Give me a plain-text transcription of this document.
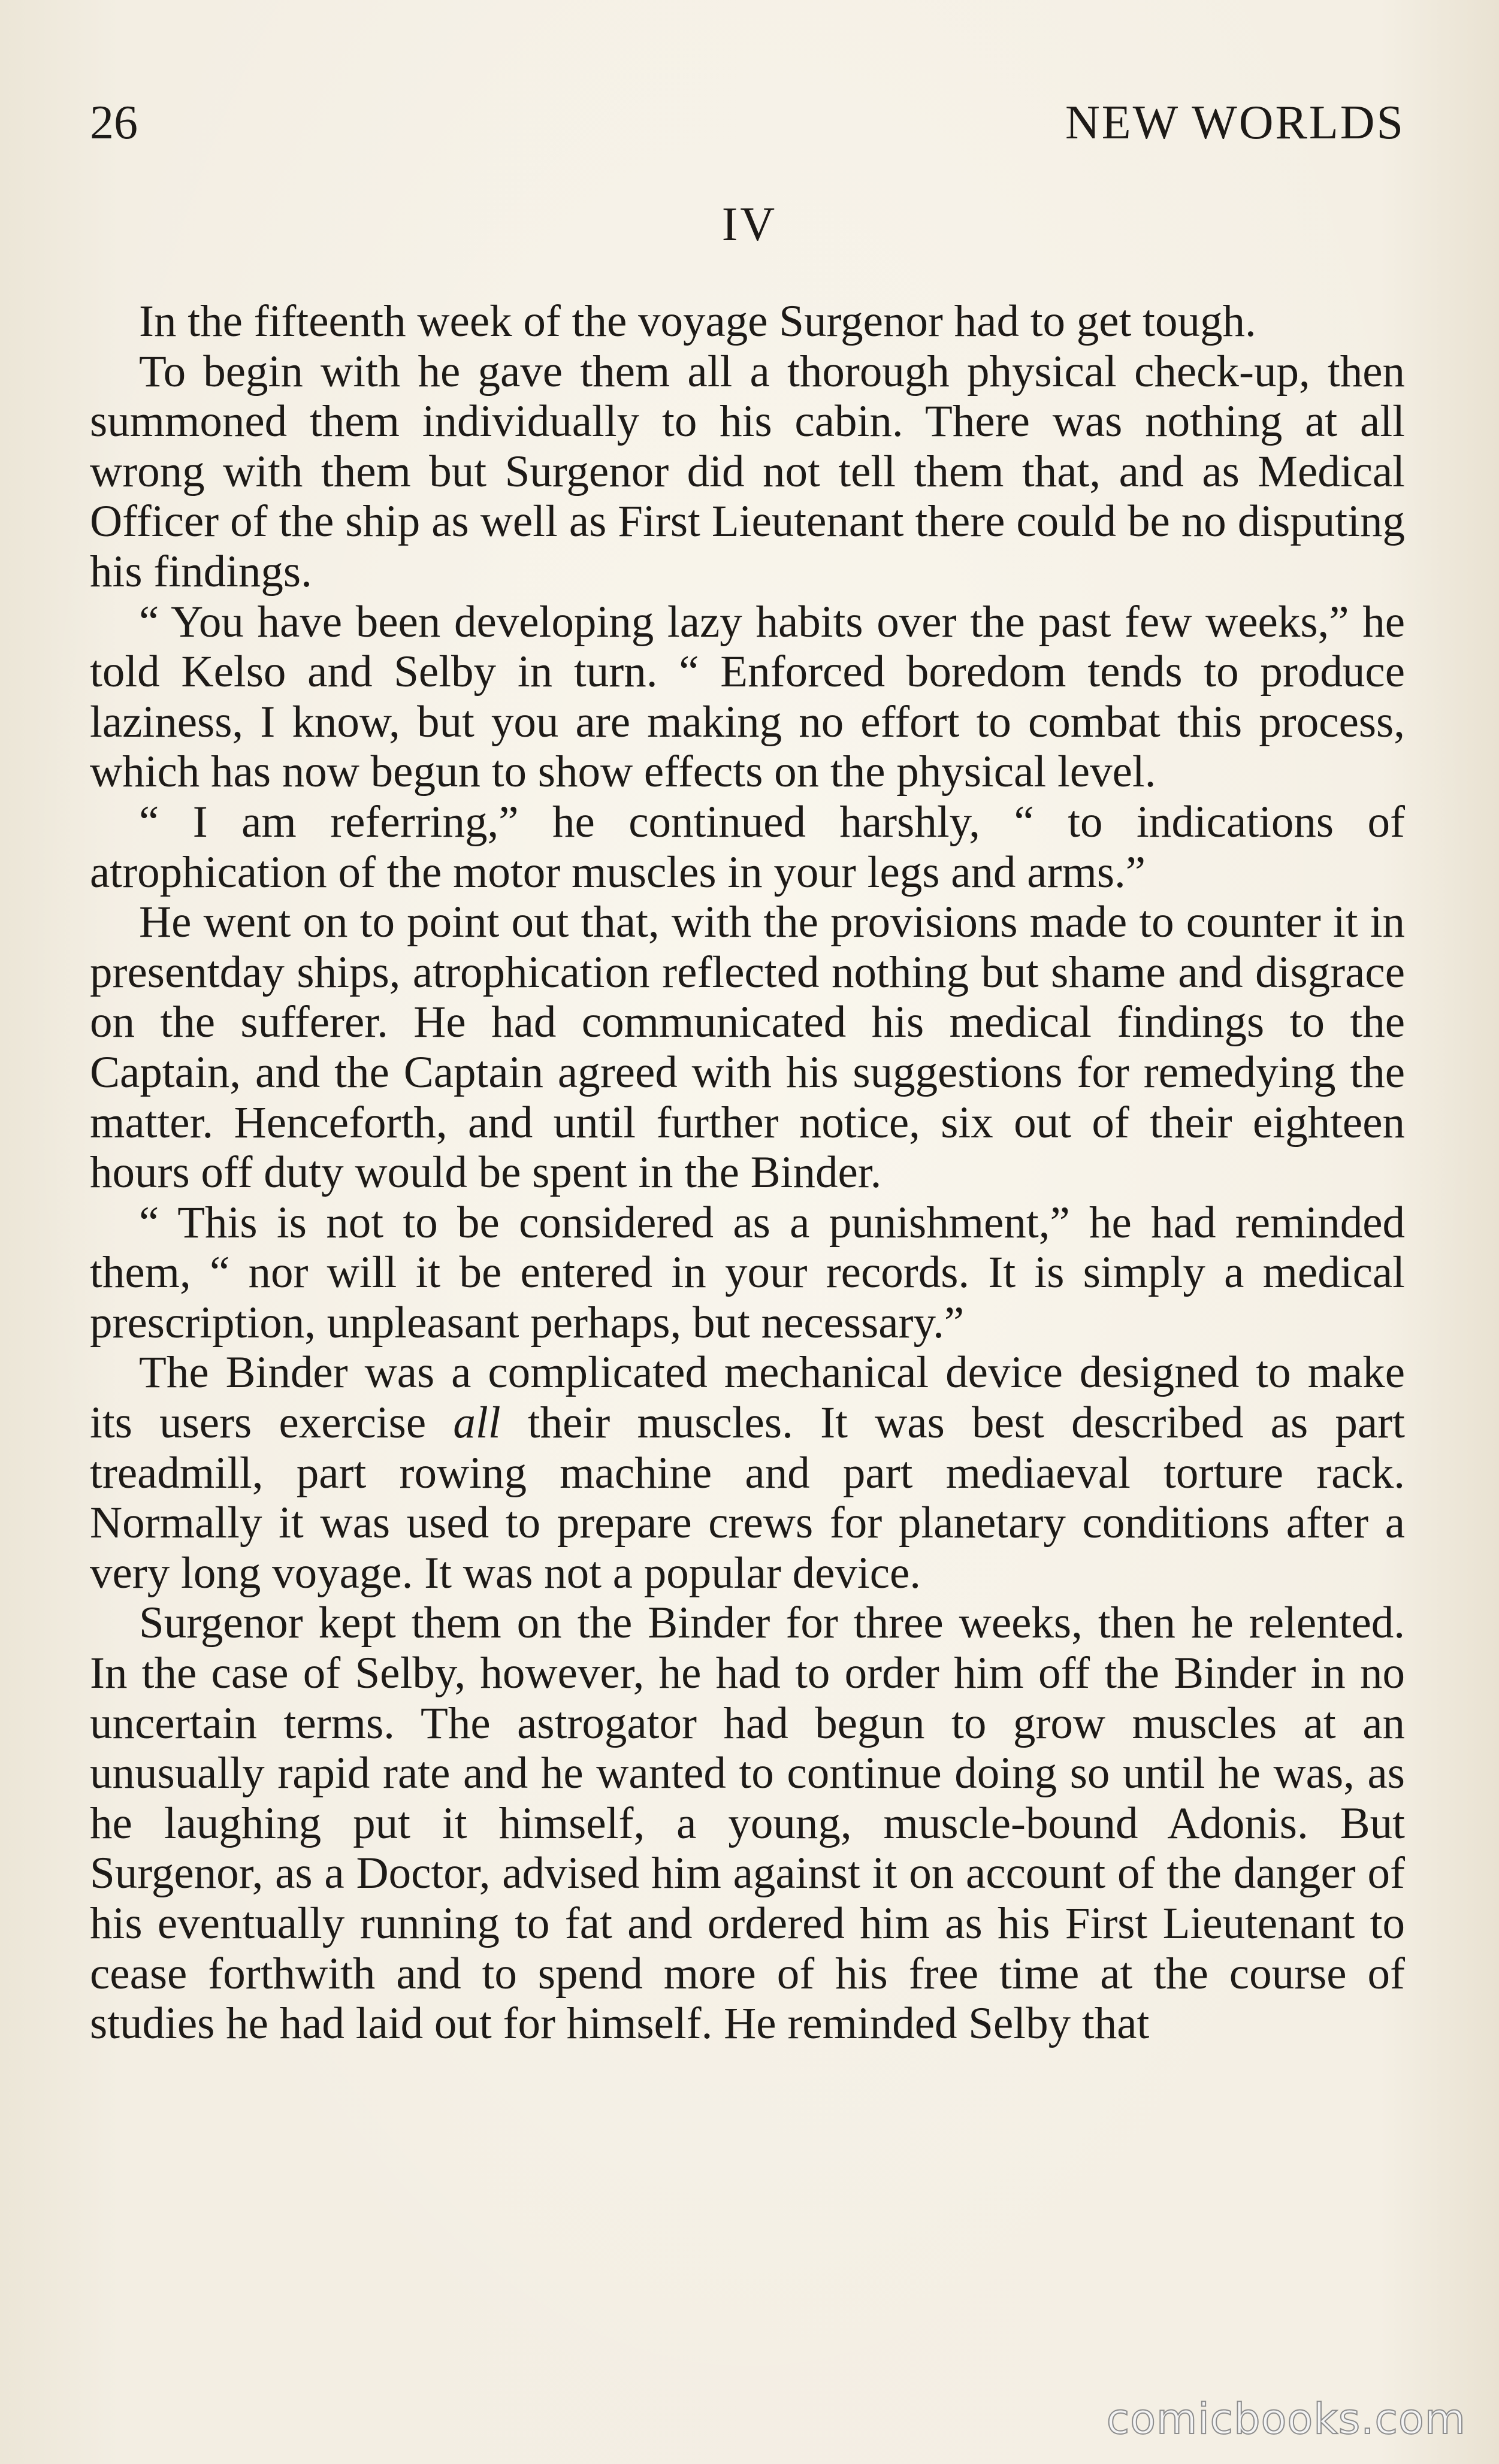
26	NEW WORLDS
IV

In the fifteenth week of the voyage Surgenor had to get tough.

To begin with he gave them all a thorough physical check-up, then summoned them individually to his cabin. There was nothing at all wrong with them but Surgenor did not tell them that, and as Medical Officer of the ship as well as First Lieutenant there could be no disputing his findings.

“ You have been developing lazy habits over the past few weeks,” he told Kelso and Selby in turn. “ Enforced boredom tends to produce laziness, I know, but you are making no effort to combat this process, which has now begun to show effects on the physical level.

“ I am referring,” he continued harshly, “ to indications of atrophication of the motor muscles in your legs and arms.”

He went on to point out that, with the provisions made to counter it in presentday ships, atrophication reflected nothing but shame and disgrace on the sufferer. He had communicated his medical findings to the Captain, and the Captain agreed with his suggestions for remedying the matter. Henceforth, and until further notice, six out of their eighteen hours off duty would be spent in the Binder.

“ This is not to be considered as a punishment,” he had reminded them, “ nor will it be entered in your records. It is simply a medical prescription, unpleasant perhaps, but necessary.”

The Binder was a complicated mechanical device designed to make its users exercise all their muscles. It was best described as part treadmill, part rowing machine and part mediaeval torture rack. Normally it was used to prepare crews for planetary conditions after a very long voyage. It was not a popular device.

Surgenor kept them on the Binder for three weeks, then he relented. In the case of Selby, however, he had to order him off the Binder in no uncertain terms. The astrogator had begun to grow muscles at an unusually rapid rate and he wanted to continue doing so until he was, as he laughing put it himself, a young, muscle-bound Adonis. But Surgenor, as a Doctor, advised him against it on account of the danger of his eventually running to fat and ordered him as his First Lieutenant to cease forthwith and to spend more of his free time at the course of studies he had laid out for himself. He reminded Selby that

comicbooks.com
